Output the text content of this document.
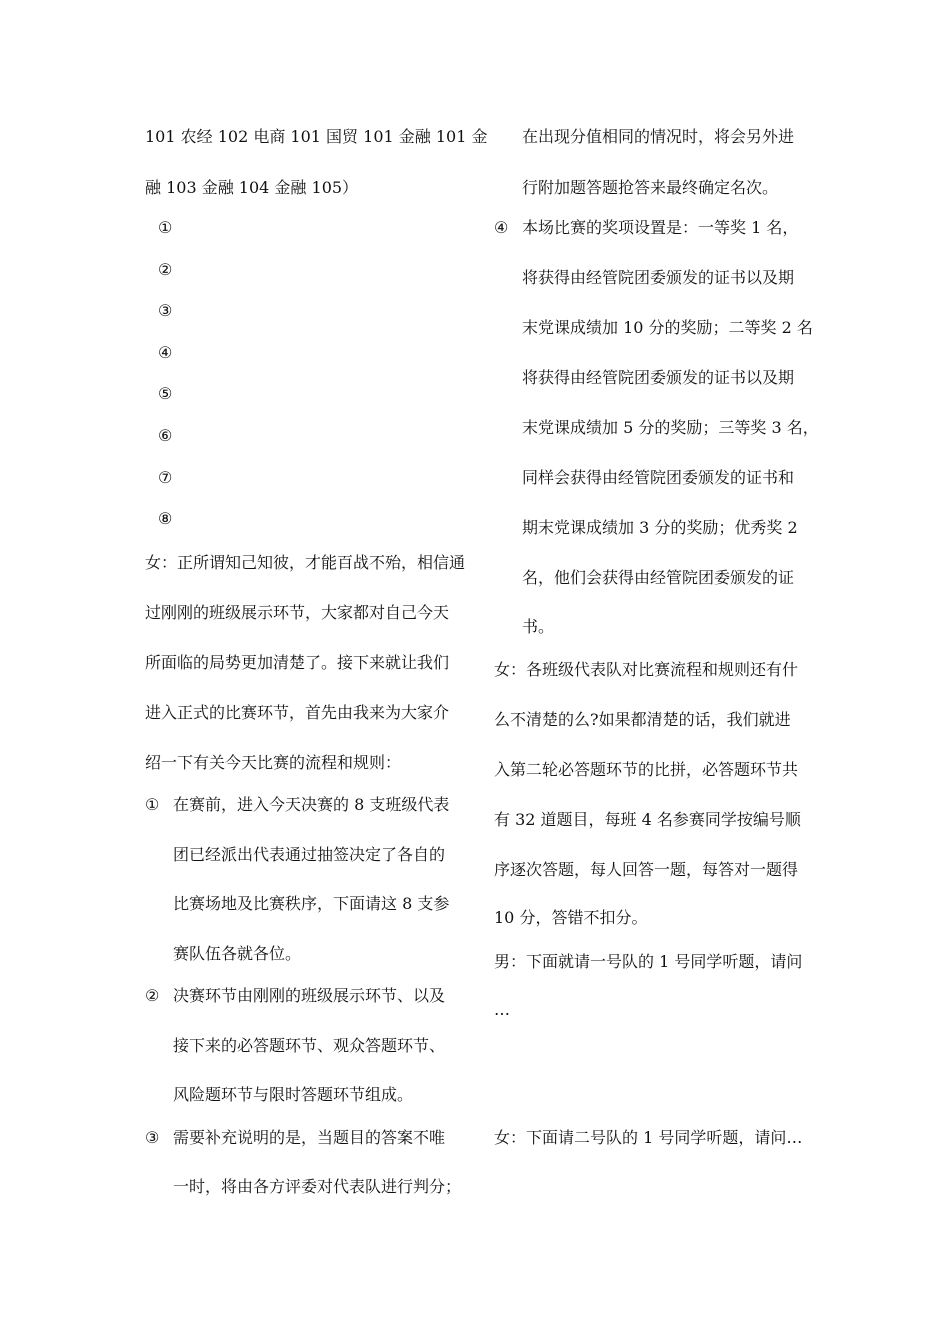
101 农经 102 电商 101 国贸 101 金融 101 金
融 103 金融 104 金融 105）
①
②
③
④
⑤
⑥
⑦
⑧
女：正所谓知己知彼，才能百战不殆，相信通
过刚刚的班级展示环节，大家都对自己今天
所面临的局势更加清楚了。接下来就让我们
进入正式的比赛环节，首先由我来为大家介
绍一下有关今天比赛的流程和规则：
① 在赛前，进入今天决赛的 8 支班级代表
团已经派出代表通过抽签决定了各自的
比赛场地及比赛秩序，下面请这 8 支参
赛队伍各就各位。
② 决赛环节由刚刚的班级展示环节、以及
接下来的必答题环节、观众答题环节、
风险题环节与限时答题环节组成。
③ 需要补充说明的是，当题目的答案不唯
一时，将由各方评委对代表队进行判分；
在出现分值相同的情况时，将会另外进
行附加题答题抢答来最终确定名次。
④ 本场比赛的奖项设置是：一等奖 1 名，
将获得由经管院团委颁发的证书以及期
末党课成绩加 10 分的奖励；二等奖 2 名
将获得由经管院团委颁发的证书以及期
末党课成绩加 5 分的奖励；三等奖 3 名，
同样会获得由经管院团委颁发的证书和
期末党课成绩加 3 分的奖励；优秀奖 2
名，他们会获得由经管院团委颁发的证
书。
女：各班级代表队对比赛流程和规则还有什
么不清楚的么?如果都清楚的话，我们就进
入第二轮必答题环节的比拼，必答题环节共
有 32 道题目，每班 4 名参赛同学按编号顺
序逐次答题，每人回答一题，每答对一题得
10 分，答错不扣分。
男：下面就请一号队的 1 号同学听题，请问
…
女：下面请二号队的 1 号同学听题，请问…
